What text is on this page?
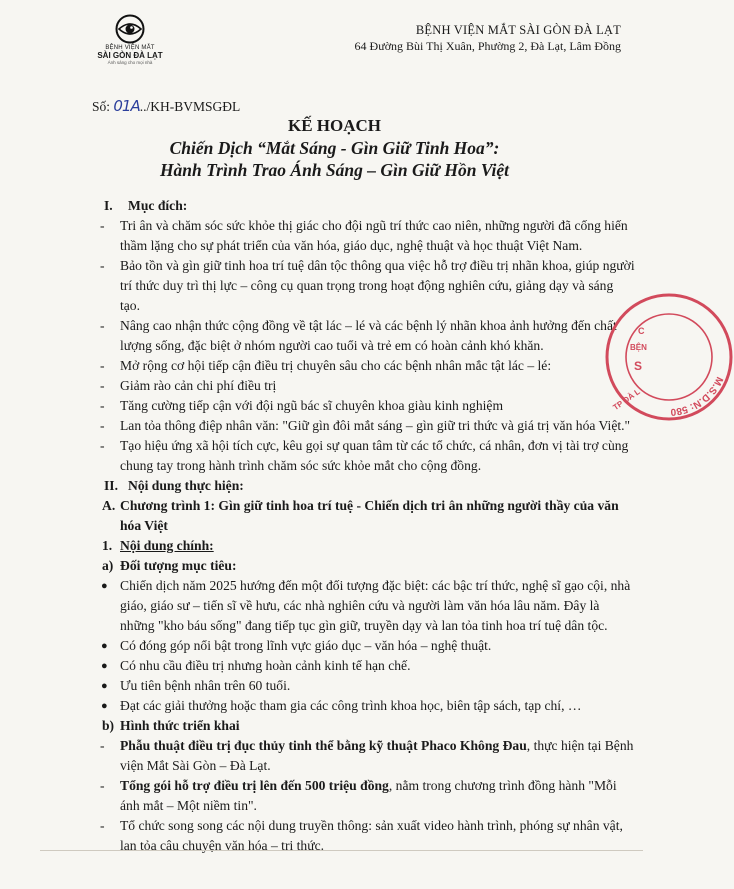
BỆNH VIỆN MẮT
SÀI GÒN ĐÀ LẠT
Ánh sáng cho mọi nhà
BỆNH VIỆN MẮT SÀI GÒN ĐÀ LẠT
64 Đường Bùi Thị Xuân, Phường 2, Đà Lạt, Lâm Đồng
Số: 01A../KH-BVMSGĐL
KẾ HOẠCH
Chiến Dịch “Mắt Sáng - Gìn Giữ Tinh Hoa”:
Hành Trình Trao Ánh Sáng – Gìn Giữ Hồn Việt
I. Mục đích:
- Tri ân và chăm sóc sức khỏe thị giác cho đội ngũ trí thức cao niên, những người đã cống hiến thầm lặng cho sự phát triển của văn hóa, giáo dục, nghệ thuật và học thuật Việt Nam.
- Bảo tồn và gìn giữ tinh hoa trí tuệ dân tộc thông qua việc hỗ trợ điều trị nhãn khoa, giúp người trí thức duy trì thị lực – công cụ quan trọng trong hoạt động nghiên cứu, giảng dạy và sáng tạo.
- Nâng cao nhận thức cộng đồng về tật lác – lé và các bệnh lý nhãn khoa ảnh hưởng đến chất lượng sống, đặc biệt ở nhóm người cao tuổi và trẻ em có hoàn cảnh khó khăn.
- Mở rộng cơ hội tiếp cận điều trị chuyên sâu cho các bệnh nhân mắc tật lác – lé:
- Giảm rào cản chi phí điều trị
- Tăng cường tiếp cận với đội ngũ bác sĩ chuyên khoa giàu kinh nghiệm
- Lan tỏa thông điệp nhân văn: "Giữ gìn đôi mắt sáng – gìn giữ tri thức và giá trị văn hóa Việt."
- Tạo hiệu ứng xã hội tích cực, kêu gọi sự quan tâm từ các tổ chức, cá nhân, đơn vị tài trợ cùng chung tay trong hành trình chăm sóc sức khỏe mắt cho cộng đồng.
II. Nội dung thực hiện:
A. Chương trình 1: Gìn giữ tinh hoa trí tuệ - Chiến dịch tri ân những người thầy của văn hóa Việt
1. Nội dung chính:
a) Đối tượng mục tiêu:
● Chiến dịch năm 2025 hướng đến một đối tượng đặc biệt: các bậc trí thức, nghệ sĩ gạo cội, nhà giáo, giáo sư – tiến sĩ về hưu, các nhà nghiên cứu và người làm văn hóa lâu năm. Đây là những "kho báu sống" đang tiếp tục gìn giữ, truyền dạy và lan tỏa tinh hoa trí tuệ dân tộc.
● Có đóng góp nổi bật trong lĩnh vực giáo dục – văn hóa – nghệ thuật.
● Có nhu cầu điều trị nhưng hoàn cảnh kinh tế hạn chế.
● Ưu tiên bệnh nhân trên 60 tuổi.
● Đạt các giải thưởng hoặc tham gia các công trình khoa học, biên tập sách, tạp chí, …
b) Hình thức triển khai
- Phẫu thuật điều trị đục thủy tinh thể bằng kỹ thuật Phaco Không Đau, thực hiện tại Bệnh viện Mắt Sài Gòn – Đà Lạt.
- Tổng gói hỗ trợ điều trị lên đến 500 triệu đồng, nằm trong chương trình đồng hành "Mỗi ánh mắt – Một niềm tin".
- Tổ chức song song các nội dung truyền thông: sản xuất video hành trình, phóng sự nhân vật, lan tỏa câu chuyện văn hóa – tri thức.
M.S.D.N: 580
C
BỆN
S
TP ĐÀ L
